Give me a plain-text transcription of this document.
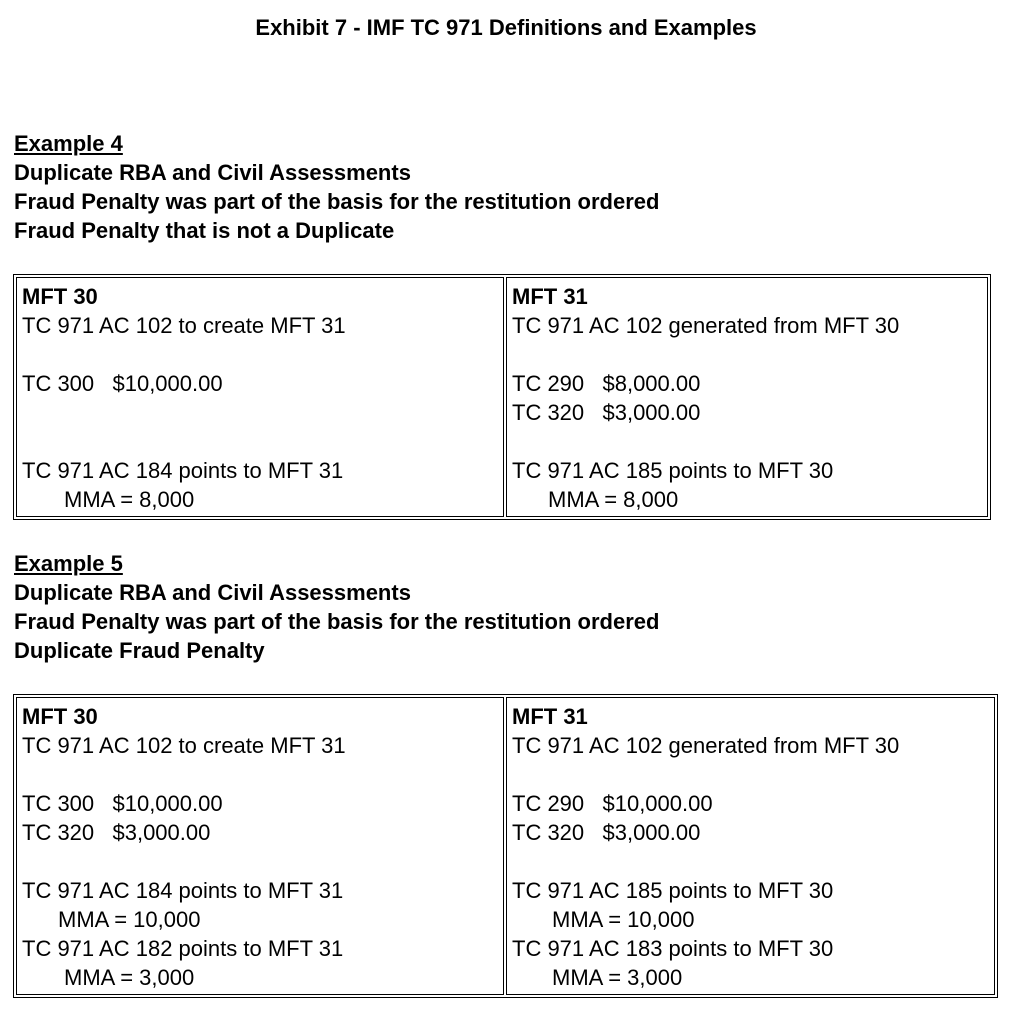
Exhibit 7 - IMF TC 971 Definitions and Examples
Example 4
Duplicate RBA and Civil Assessments
Fraud Penalty was part of the basis for the restitution ordered
Fraud Penalty that is not a Duplicate
MFT 30
TC 971 AC 102 to create MFT 31
TC 300   $10,000.00
TC 971 AC 184 points to MFT 31
MMA = 8,000
MFT 31
TC 971 AC 102 generated from MFT 30
TC 290   $8,000.00
TC 320   $3,000.00
TC 971 AC 185 points to MFT 30
MMA = 8,000
Example 5
Duplicate RBA and Civil Assessments
Fraud Penalty was part of the basis for the restitution ordered
Duplicate Fraud Penalty
MFT 30
TC 971 AC 102 to create MFT 31
TC 300   $10,000.00
TC 320   $3,000.00
TC 971 AC 184 points to MFT 31
MMA = 10,000
TC 971 AC 182 points to MFT 31
MMA = 3,000
MFT 31
TC 971 AC 102 generated from MFT 30
TC 290   $10,000.00
TC 320   $3,000.00
TC 971 AC 185 points to MFT 30
MMA = 10,000
TC 971 AC 183 points to MFT 30
MMA = 3,000
